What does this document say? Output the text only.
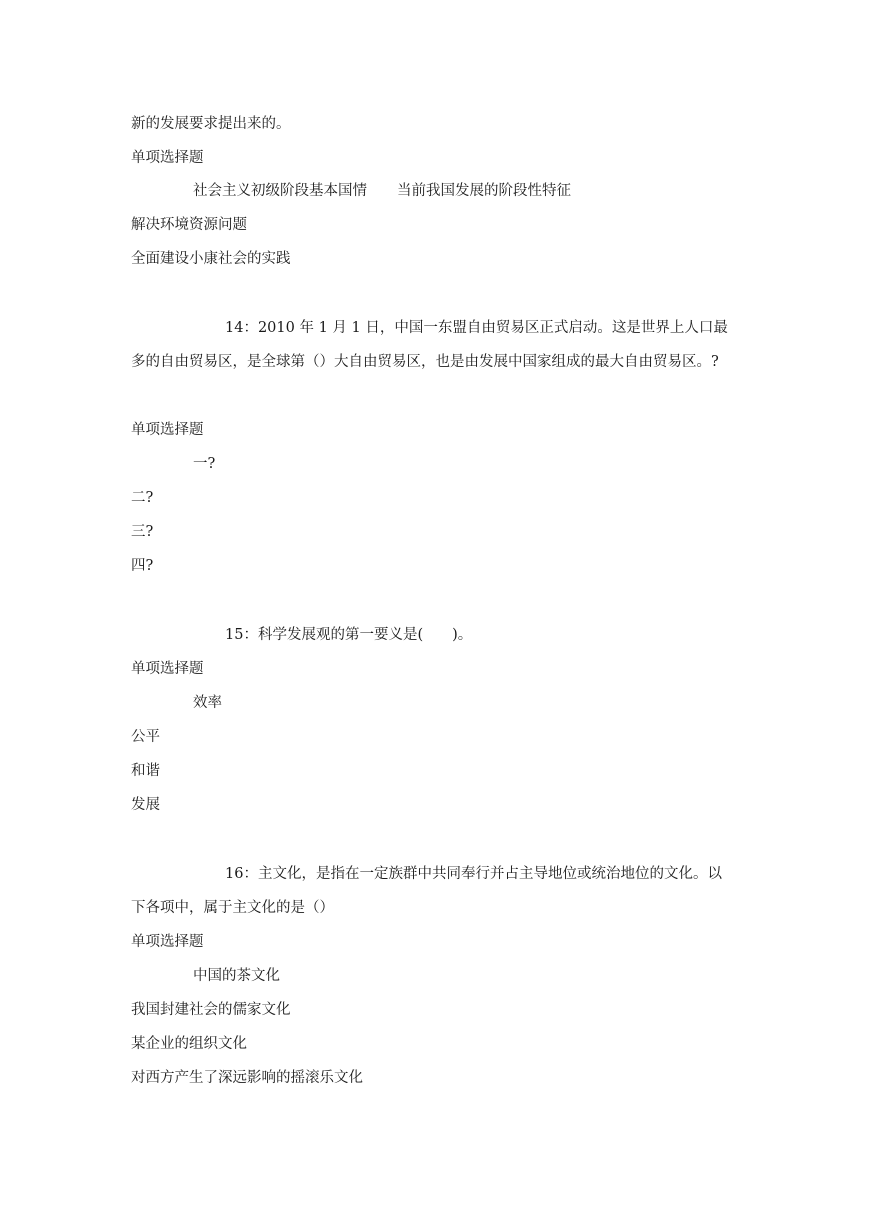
新的发展要求提出来的。
单项选择题
社会主义初级阶段基本国情 当前我国发展的阶段性特征
解决环境资源问题
全面建设小康社会的实践
14：2010 年 1 月 1 日，中国一东盟自由贸易区正式启动。这是世界上人口最
多的自由贸易区，是全球第（）大自由贸易区，也是由发展中国家组成的最大自由贸易区。?
单项选择题
一?
二?
三?
四?
15：科学发展观的第一要义是(　　)。
单项选择题
效率
公平
和谐
发展
16：主文化，是指在一定族群中共同奉行并占主导地位或统治地位的文化。以
下各项中，属于主文化的是（）
单项选择题
中国的茶文化
我国封建社会的儒家文化
某企业的组织文化
对西方产生了深远影响的摇滚乐文化
